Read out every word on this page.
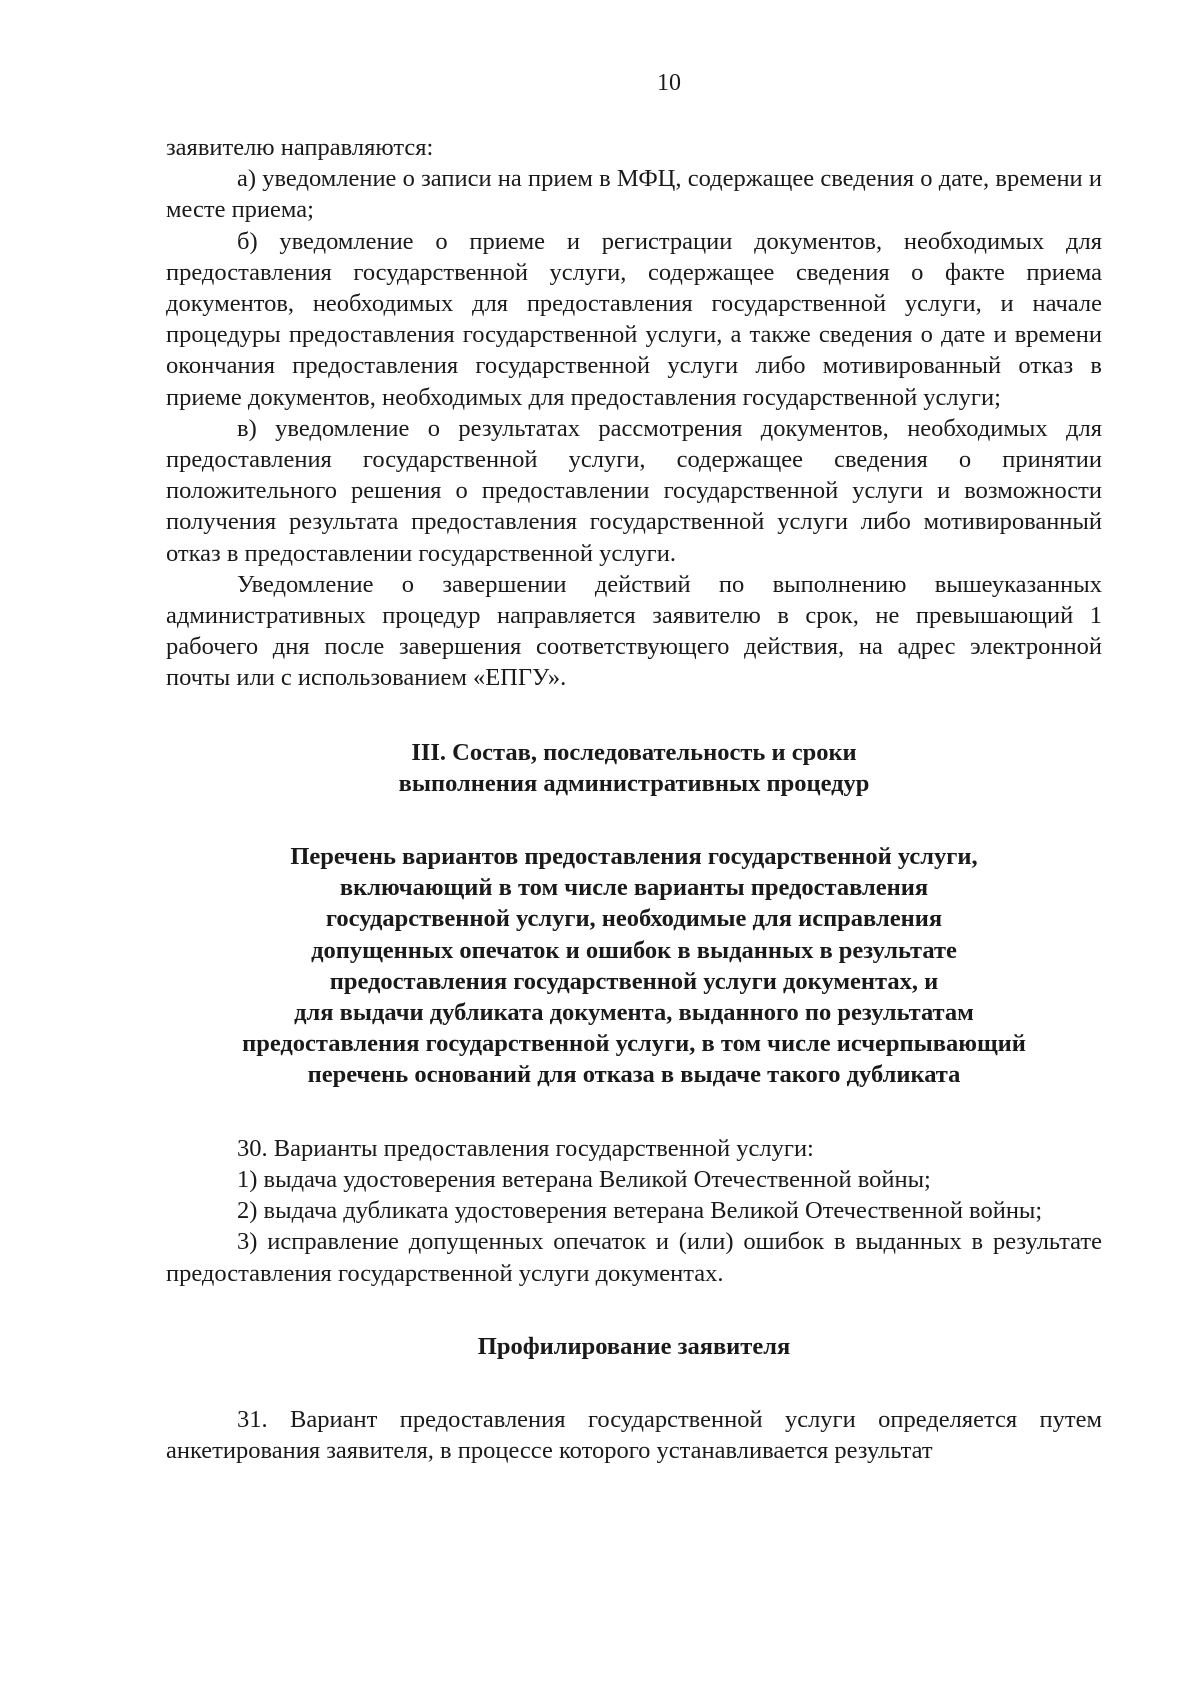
10

заявителю направляются:

а) уведомление о записи на прием в МФЦ, содержащее сведения о дате, времени и месте приема;

б) уведомление о приеме и регистрации документов, необходимых для предоставления государственной услуги, содержащее сведения о факте приема документов, необходимых для предоставления государственной услуги, и начале процедуры предоставления государственной услуги, а также сведения о дате и времени окончания предоставления государственной услуги либо мотивированный отказ в приеме документов, необходимых для предоставления государственной услуги;

в) уведомление о результатах рассмотрения документов, необходимых для предоставления государственной услуги, содержащее сведения о принятии положительного решения о предоставлении государственной услуги и возможности получения результата предоставления государственной услуги либо мотивированный отказ в предоставлении государственной услуги.

Уведомление о завершении действий по выполнению вышеуказанных административных процедур направляется заявителю в срок, не превышающий 1 рабочего дня после завершения соответствующего действия, на адрес электронной почты или с использованием «ЕПГУ».

III. Состав, последовательность и сроки
выполнения административных процедур
Перечень вариантов предоставления государственной услуги,
включающий в том числе варианты предоставления
государственной услуги, необходимые для исправления
допущенных опечаток и ошибок в выданных в результате
предоставления государственной услуги документах, и
для выдачи дубликата документа, выданного по результатам
предоставления государственной услуги, в том числе исчерпывающий
перечень оснований для отказа в выдаче такого дубликата

30. Варианты предоставления государственной услуги:

1) выдача удостоверения ветерана Великой Отечественной войны;

2) выдача дубликата удостоверения ветерана Великой Отечественной войны;

3) исправление допущенных опечаток и (или) ошибок в выданных в результате предоставления государственной услуги документах.

Профилирование заявителя

31. Вариант предоставления государственной услуги определяется путем анкетирования заявителя, в процессе которого устанавливается результат
